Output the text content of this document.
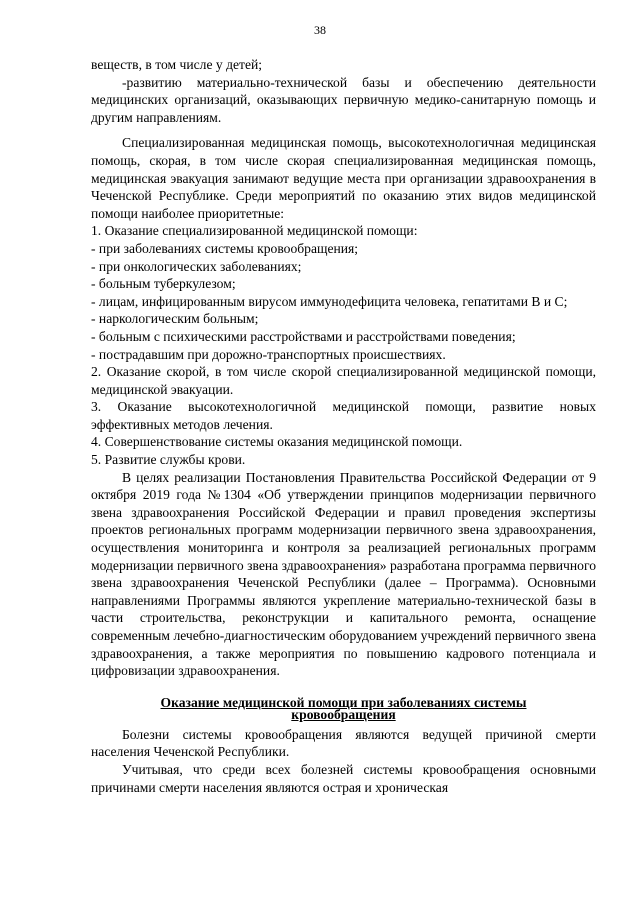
38

веществ, в том числе у детей;

-развитию материально-технической базы и обеспечению деятельности медицинских организаций, оказывающих первичную медико-санитарную помощь и другим направлениям.

Специализированная медицинская помощь, высокотехнологичная медицинская помощь, скорая, в том числе скорая специализированная медицинская помощь, медицинская эвакуация занимают ведущие места при организации здравоохранения в Чеченской Республике. Среди мероприятий по оказанию этих видов медицинской помощи наиболее приоритетные:

1. Оказание специализированной медицинской помощи:

- при заболеваниях системы кровообращения;

- при онкологических заболеваниях;

- больным туберкулезом;

- лицам, инфицированным вирусом иммунодефицита человека, гепатитами В и С;

- наркологическим больным;

- больным с психическими расстройствами и расстройствами поведения;

- пострадавшим при дорожно-транспортных происшествиях.

2. Оказание скорой, в том числе скорой специализированной медицинской помощи, медицинской эвакуации.

3. Оказание высокотехнологичной медицинской помощи, развитие новых эффективных методов лечения.

4. Совершенствование системы оказания медицинской помощи.

5. Развитие службы крови.

В целях реализации Постановления Правительства Российской Федерации от 9 октября 2019 года №1304 «Об утверждении принципов модернизации первичного звена здравоохранения Российской Федерации и правил проведения экспертизы проектов региональных программ модернизации первичного звена здравоохранения, осуществления мониторинга и контроля за реализацией региональных программ модернизации первичного звена здравоохранения» разработана программа первичного звена здравоохранения Чеченской Республики (далее – Программа). Основными направлениями Программы являются укрепление материально-технической базы в части строительства, реконструкции и капитального ремонта, оснащение современным лечебно-диагностическим оборудованием учреждений первичного звена здравоохранения, а также мероприятия по повышению кадрового потенциала и цифровизации здравоохранения.

Оказание медицинской помощи при заболеваниях системы
кровообращения

Болезни системы кровообращения являются ведущей причиной смерти населения Чеченской Республики.

Учитывая, что среди всех болезней системы кровообращения основными причинами смерти населения являются острая и хроническая
